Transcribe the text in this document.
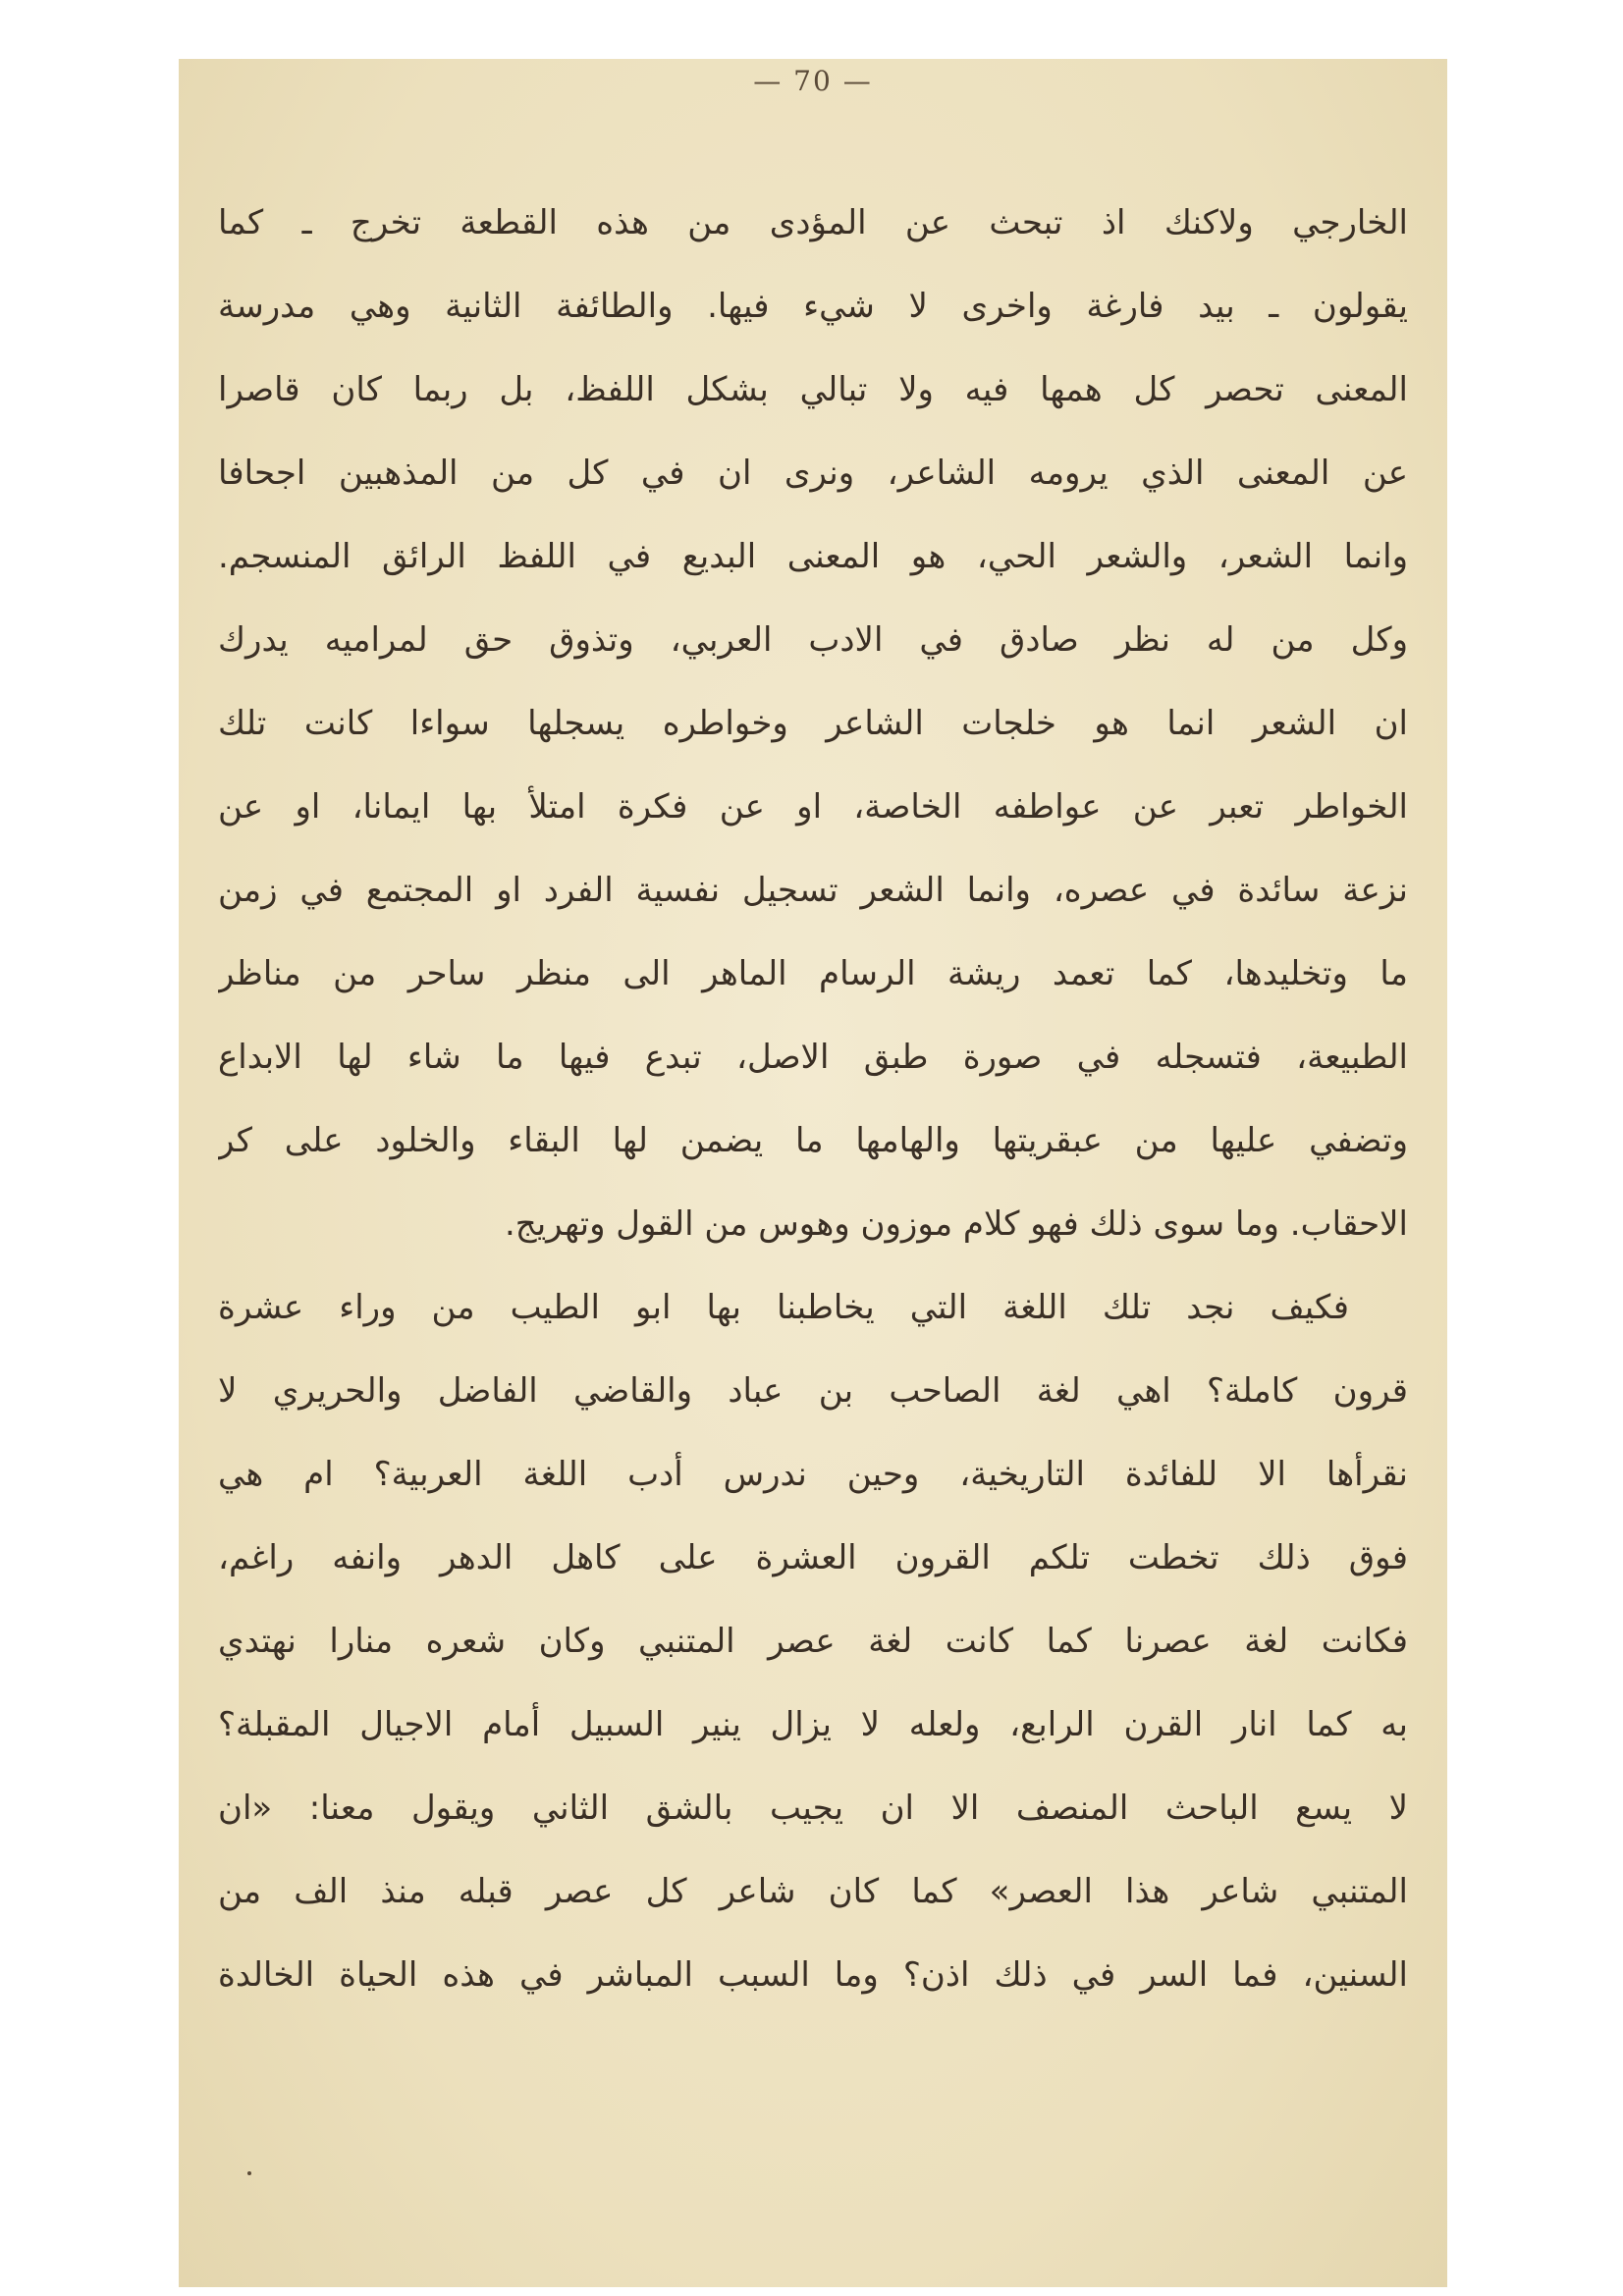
— 70 —
الخارجي ولاكنك اذ تبحث عن المؤدى من هذه القطعة تخرج ـ كما
يقولون ـ بيد فارغة واخرى لا شيء فيها. والطائفة الثانية وهي مدرسة
المعنى تحصر كل همها فيه ولا تبالي بشكل اللفظ، بل ربما كان قاصرا
عن المعنى الذي يرومه الشاعر، ونرى ان في كل من المذهبين اجحافا
وانما الشعر، والشعر الحي، هو المعنى البديع في اللفظ الرائق المنسجم.
وكل من له نظر صادق في الادب العربي، وتذوق حق لمراميه يدرك
ان الشعر انما هو خلجات الشاعر وخواطره يسجلها سواءا كانت تلك
الخواطر تعبر عن عواطفه الخاصة، او عن فكرة امتلأ بها ايمانا، او عن
نزعة سائدة في عصره، وانما الشعر تسجيل نفسية الفرد او المجتمع في زمن
ما وتخليدها، كما تعمد ريشة الرسام الماهر الى منظر ساحر من مناظر
الطبيعة، فتسجله في صورة طبق الاصل، تبدع فيها ما شاء لها الابداع
وتضفي عليها من عبقريتها والهامها ما يضمن لها البقاء والخلود على كر
الاحقاب. وما سوى ذلك فهو كلام موزون وهوس من القول وتهريج.
فكيف نجد تلك اللغة التي يخاطبنا بها ابو الطيب من وراء عشرة
قرون كاملة؟ اهي لغة الصاحب بن عباد والقاضي الفاضل والحريري لا
نقرأها الا للفائدة التاريخية، وحين ندرس أدب اللغة العربية؟ ام هي
فوق ذلك تخطت تلكم القرون العشرة على كاهل الدهر وانفه راغم،
فكانت لغة عصرنا كما كانت لغة عصر المتنبي وكان شعره منارا نهتدي
به كما انار القرن الرابع، ولعله لا يزال ينير السبيل أمام الاجيال المقبلة؟
لا يسع الباحث المنصف الا ان يجيب بالشق الثاني ويقول معنا: «ان
المتنبي شاعر هذا العصر» كما كان شاعر كل عصر قبله منذ الف من
السنين، فما السر في ذلك اذن؟ وما السبب المباشر في هذه الحياة الخالدة
